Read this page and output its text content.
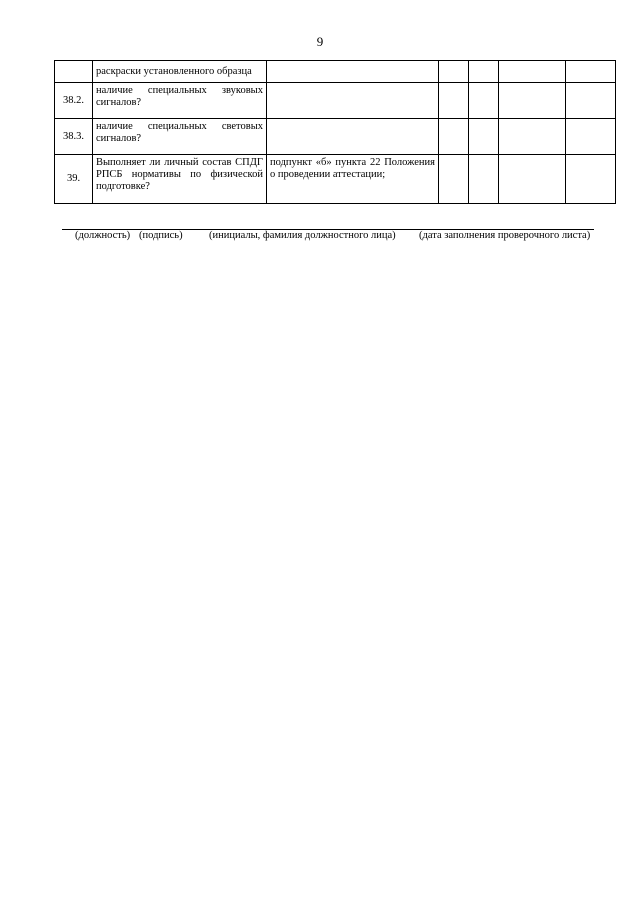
9
	раскраски установленного образца					
38.2.	наличие специальных звуковых сигналов?					
38.3.	наличие специальных световых сигналов?					
39.	Выполняет ли личный состав СПДГ РПСБ нормативы по физической подготовке?	подпункт «б» пункта 22 Положения о проведении аттестации;				
(должность) (подпись)	(инициалы, фамилия должностного лица) (дата заполнения проверочного листа)
